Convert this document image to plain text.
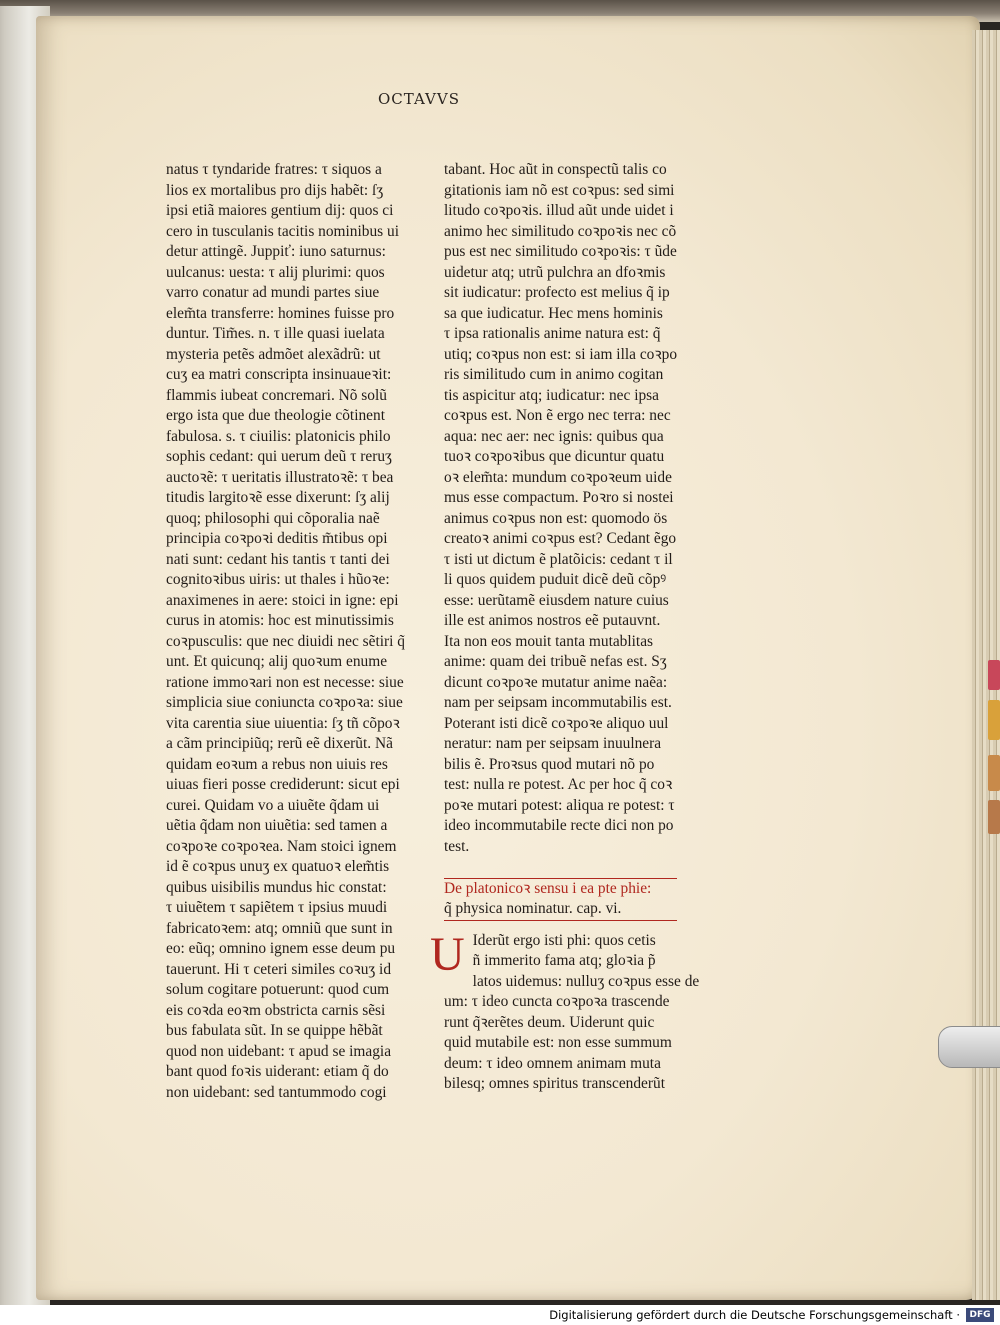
OCTAVVS
natus τ tyndaride fratres: τ siquos a
lios ex mortalibus pro dijs habẽt: ſʒ
ipsi etiã maiores gentium dij: quos ci
cero in tusculanis tacitis nominibus ui
detur attingẽ. Juppiť: iuno saturnus:
uulcanus: uesta: τ alij plurimi: quos
varro conatur ad mundi partes siue
elem̃ta transferre: homines fuisse pro
duntur. Tim̃es. n. τ ille quasi iuelata
mysteria petẽs admõet alexãdrũ: ut
cuʒ ea matri conscripta insinuaueꝛit:
flammis iubeat concremari. Nõ solũ
ergo ista que due theologie cõtinent
fabulosa. s. τ ciuilis: platonicis philo
sophis cedant: qui uerum deũ τ reruʒ
auctoꝛẽ: τ ueritatis illustratoꝛẽ: τ bea
titudis largitoꝛẽ esse dixerunt: ſʒ alij
quoq; philosophi qui cõporalia naẽ
principia coꝛpoꝛi deditis m̃tibus opi
nati sunt: cedant his tantis τ tanti dei
cognitoꝛibus uiris: ut thales i hũoꝛe:
anaximenes in aere: stoici in igne: epi
curus in atomis: hoc est minutissimis
coꝛpusculis: que nec diuidi nec sẽtiri q̃
unt. Et quicunq; alij quoꝛum enume
ratione immoꝛari non est necesse: siue
simplicia siue coniuncta coꝛpoꝛa: siue
vita carentia siue uiuentia: ſʒ tñ cõpoꝛ
a cãm principiũq; rerũ eẽ dixerũt. Nã
quidam eoꝛum a rebus non uiuis res
uiuas fieri posse crediderunt: sicut epi
curei. Quidam vo a uiuẽte q̃dam ui
uẽtia q̃dam non uiuẽtia: sed tamen a
coꝛpoꝛe coꝛpoꝛea. Nam stoici ignem
id ẽ coꝛpus unuʒ ex quatuoꝛ elem̃tis
quibus uisibilis mundus hic constat:
τ uiuẽtem τ sapiẽtem τ ipsius muudi
fabricatoꝛem: atq; omniũ que sunt in
eo: eũq; omnino ignem esse deum pu
tauerunt. Hi τ ceteri similes coꝛuʒ id
solum cogitare potuerunt: quod cum
eis coꝛda eoꝛm obstricta carnis sẽsi
bus fabulata sũt. In se quippe hẽbãt
quod non uidebant: τ apud se imagia
bant quod foꝛis uiderant: etiam q̃ do
non uidebant: sed tantummodo cogi
tabant. Hoc aũt in conspectũ talis co
gitationis iam nõ est coꝛpus: sed simi
litudo coꝛpoꝛis. illud aũt unde uidet i
animo hec similitudo coꝛpoꝛis nec cõ
pus est nec similitudo coꝛpoꝛis: τ ũde
uidetur atq; utrũ pulchra an dfoꝛmis
sit iudicatur: profecto est melius q̃ ip
sa que iudicatur. Hec mens hominis
τ ipsa rationalis anime natura est: q̃
utiq; coꝛpus non est: si iam illa coꝛpo
ris similitudo cum in animo cogitan
tis aspicitur atq; iudicatur: nec ipsa
coꝛpus est. Non ẽ ergo nec terra: nec
aqua: nec aer: nec ignis: quibus qua
tuoꝛ coꝛpoꝛibus que dicuntur quatu
oꝛ elem̃ta: mundum coꝛpoꝛeum uide
mus esse compactum. Poꝛro si nostei
animus coꝛpus non est: quomodo ös
creatoꝛ animi coꝛpus est? Cedant ẽgo
τ isti ut dictum ẽ platõicis: cedant τ il
li quos quidem puduit dicẽ deũ cõpꝰ
esse: uerũtamẽ eiusdem nature cuius
ille est animos nostros eẽ putauvnt.
Ita non eos mouit tanta mutablitas
anime: quam dei tribuẽ nefas est. Sʒ
dicunt coꝛpoꝛe mutatur anime naẽa:
nam per seipsam incommutabilis est.
Poterant isti dicẽ coꝛpoꝛe aliquo uul
neratur: nam per seipsam inuulnera
bilis ẽ. Proꝛsus quod mutari nõ po
test: nulla re potest. Ac per hoc q̃ coꝛ
poꝛe mutari potest: aliqua re potest: τ
ideo incommutabile recte dici non po
test.
De platonicoꝛ sensu i ea pte phie:
q̃ physica nominatur. cap. vi.
U Iderũt ergo isti phi: quos cetis
ñ immerito fama atq; gloꝛia p̃
latos uidemus: nulluʒ coꝛpus esse de
um: τ ideo cuncta coꝛpoꝛa trascende
runt q̃ꝛerẽtes deum. Uiderunt quic
quid mutabile est: non esse summum
deum: τ ideo omnem animam muta
bilesq; omnes spiritus transcenderũt
Digitalisierung gefördert durch die Deutsche Forschungsgemeinschaft ·	DFG
